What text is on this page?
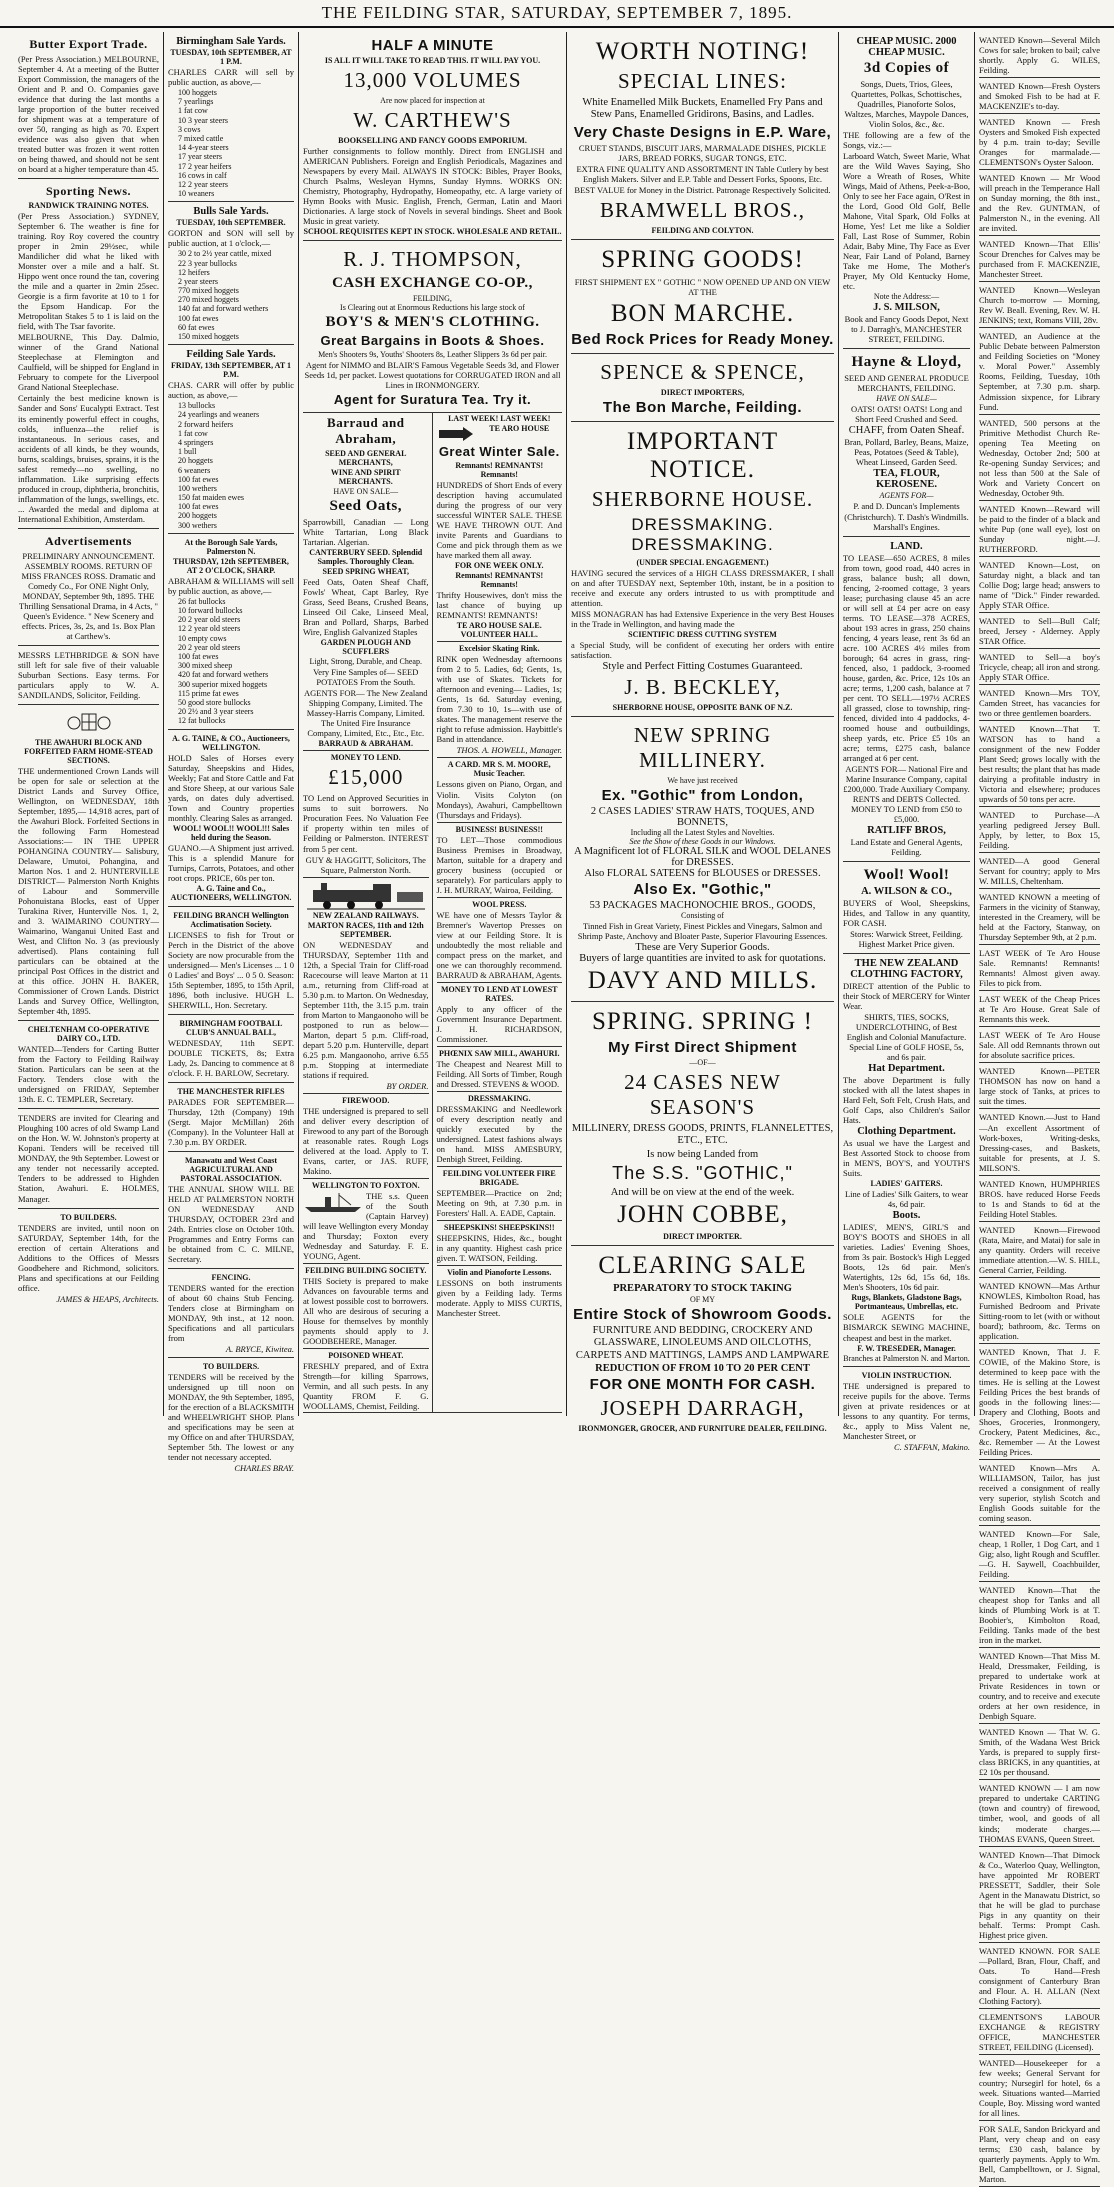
THE FEILDING STAR, SATURDAY, SEPTEMBER 7, 1895.
Butter Export Trade.
(Per Press Association.) MELBOURNE, September 4. At a meeting of the Butter Export Commission, the managers of the Orient and P. and O. Companies gave evidence that during the last months a large proportion of the butter received for shipment was at a temperature of over 50, ranging as high as 70. Expert evidence was also given that when treated butter was frozen it went rotten on being thawed, and should not be sent on board at a higher temperature than 45.
Sporting News.
RANDWICK TRAINING NOTES.
(Per Press Association.) SYDNEY, September 6. The weather is fine for training. Roy Roy covered the country proper in 2min 29½sec, while Mandilicher did what he liked with Monster over a mile and a half. St. Hippo went once round the tan, covering the mile and a quarter in 2min 25sec. Georgie is a firm favorite at 10 to 1 for the Epsom Handicap. For the Metropolitan Stakes 5 to 1 is laid on the field, with The Tsar favorite.
MELBOURNE, This Day. Dalmio, winner of the Grand National Steeplechase at Flemington and Caulfield, will be shipped for England in February to compete for the Liverpool Grand National Steeplechase.
Certainly the best medicine known is Sander and Sons' Eucalypti Extract. Test its eminently powerful effect in coughs, colds, influenza—the relief is instantaneous. In serious cases, and accidents of all kinds, be they wounds, burns, scaldings, bruises, sprains, it is the safest remedy—no swelling, no inflammation. Like surprising effects produced in croup, diphtheria, bronchitis, inflammation of the lungs, swellings, etc. ... Awarded the medal and diploma at International Exhibition, Amsterdam.
Advertisements
PRELIMINARY ANNOUNCEMENT. ASSEMBLY ROOMS. RETURN OF MISS FRANCES ROSS. Dramatic and Comedy Co., For ONE Night Only, MONDAY, September 9th, 1895. THE Thrilling Sensational Drama, in 4 Acts, " Queen's Evidence. " New Scenery and effects. Prices, 3s, 2s, and 1s. Box Plan at Carthew's.
MESSRS LETHBRIDGE & SON have still left for sale five of their valuable Suburban Sections. Easy terms. For particulars apply to W. A. SANDILANDS, Solicitor, Feilding.
THE AWAHURI BLOCK AND FORFEITED FARM HOME-STEAD SECTIONS.
THE undermentioned Crown Lands will be open for sale or selection at the District Lands and Survey Office, Wellington, on WEDNESDAY, 18th September, 1895,— 14,918 acres, part of the Awahuri Block. Forfeited Sections in the following Farm Homestead Associations:— IN THE UPPER POHANGINA COUNTRY— Salisbury, Delaware, Umutoi, Pohangina, and Marton Nos. 1 and 2. HUNTERVILLE DISTRICT— Palmerston North Knights of Labour and Sommerville Pohonuistana Blocks, east of Upper Turakina River, Hunterville Nos. 1, 2, and 3. WAIMARINO COUNTRY— Waimarino, Wanganui United East and West, and Clifton No. 3 (as previously advertised). Plans containing full particulars can be obtained at the principal Post Offices in the district and at this office. JOHN H. BAKER, Commissioner of Crown Lands. District Lands and Survey Office, Wellington, September 4th, 1895.
CHELTENHAM CO-OPERATIVE DAIRY CO., LTD.
WANTED—Tenders for Carting Butter from the Factory to Feilding Railway Station. Particulars can be seen at the Factory. Tenders close with the undersigned on FRIDAY, September 13th. E. C. TEMPLER, Secretary.
TENDERS are invited for Clearing and Ploughing 100 acres of old Swamp Land on the Hon. W. W. Johnston's property at Kopani. Tenders will be received till MONDAY, the 9th September. Lowest or any tender not necessarily accepted. Tenders to be addressed to Highden Station, Awahuri. E. HOLMES, Manager.
TO BUILDERS.
TENDERS are invited, until noon on SATURDAY, September 14th, for the erection of certain Alterations and Additions to the Offices of Messrs Goodbehere and Richmond, solicitors. Plans and specifications at our Feilding office.
JAMES & HEAPS, Architects.
Birmingham Sale Yards.
TUESDAY, 10th SEPTEMBER, AT 1 P.M.
CHARLES CARR will sell by public auction, as above,—
100 hoggets
7 yearlings
1 fat cow
10 3 year steers
3 cows
7 mixed cattle
14 4-year steers
17 year steers
17 2 year heifers
16 cows in calf
12 2 year steers
10 weaners
Bulls Sale Yards.
TUESDAY, 10th SEPTEMBER.
GORTON and SON will sell by public auction, at 1 o'clock,—
30 2 to 2½ year cattle, mixed
22 3 year bullocks
12 heifers
2 year steers
770 mixed hoggets
270 mixed hoggets
140 fat and forward wethers
100 fat ewes
60 fat ewes
150 mixed hoggets
Feilding Sale Yards.
FRIDAY, 13th SEPTEMBER, AT 1 P.M.
CHAS. CARR will offer by public auction, as above,—
13 bullocks
24 yearlings and weaners
2 forward heifers
1 fat cow
4 springers
1 bull
20 hoggets
6 weaners
100 fat ewes
100 wethers
150 fat maiden ewes
100 fat ewes
200 hoggets
300 wethers
At the Borough Sale Yards, Palmerston N.
THURSDAY, 12th SEPTEMBER, AT 2 O'CLOCK, SHARP.
ABRAHAM & WILLIAMS will sell by public auction, as above,—
26 fat bullocks
10 forward bullocks
20 2 year old steers
12 2 year old steers
10 empty cows
20 2 year old steers
100 fat ewes
300 mixed sheep
420 fat and forward wethers
300 superior mixed hoggets
115 prime fat ewes
50 good store bullocks
20 2½ and 3 year steers
12 fat bullocks
A. G. TAINE, & CO., Auctioneers, WELLINGTON.
HOLD Sales of Horses every Saturday, Sheepskins and Hides, Weekly; Fat and Store Cattle and Fat and Store Sheep, at our various Sale yards, on dates duly advertised. Town and Country properties monthly. Clearing Sales as arranged.
WOOL! WOOL!! WOOL!!! Sales held during the Season.
GUANO.—A Shipment just arrived. This is a splendid Manure for Turnips, Carrots, Potatoes, and other root crops. PRICE, 60s per ton.
A. G. Taine and Co., AUCTIONEERS, WELLINGTON.
FEILDING BRANCH Wellington Acclimatisation Society.
LICENSES to fish for Trout or Perch in the District of the above Society are now procurable from the undersigned— Men's Licenses ... 1 0 0 Ladies' and Boys' ... 0 5 0. Season: 15th September, 1895, to 15th April, 1896, both inclusive. HUGH L. SHERWILL, Hon. Secretary.
BIRMINGHAM FOOTBALL CLUB'S ANNUAL BALL,
WEDNESDAY, 11th SEPT. DOUBLE TICKETS, 8s; Extra Lady, 2s. Dancing to commence at 8 o'clock. F. H. BARLOW, Secretary.
THE MANCHESTER RIFLES
PARADES FOR SEPTEMBER— Thursday, 12th (Company) 19th (Sergt. Major McMillan) 26th (Company). In the Volunteer Hall at 7.30 p.m. BY ORDER.
Manawatu and West Coast AGRICULTURAL AND PASTORAL ASSOCIATION.
THE ANNUAL SHOW WILL BE HELD AT PALMERSTON NORTH ON WEDNESDAY AND THURSDAY, OCTOBER 23rd and 24th. Entries close on October 10th. Programmes and Entry Forms can be obtained from C. C. MILNE, Secretary.
FENCING.
TENDERS wanted for the erection of about 60 chains Stub Fencing. Tenders close at Birmingham on MONDAY, 9th inst., at 12 noon. Specifications and all particulars from
A. BRYCE, Kiwitea.
TO BUILDERS.
TENDERS will be received by the undersigned up till noon on MONDAY, the 9th September, 1895, for the erection of a BLACKSMITH and WHEELWRIGHT SHOP. Plans and specifications may be seen at my Office on and after THURSDAY, September 5th. The lowest or any tender not necessary accepted.
CHARLES BRAY.
HALF A MINUTE
IS ALL IT WILL TAKE TO READ THIS. IT WILL PAY YOU.
13,000 VOLUMES
Are now placed for inspection at
W. CARTHEW'S
BOOKSELLING AND FANCY GOODS EMPORIUM.
Further consignments to follow monthly. Direct from ENGLISH and AMERICAN Publishers. Foreign and English Periodicals, Magazines and Newspapers by every Mail. ALWAYS IN STOCK: Bibles, Prayer Books, Church Psalms, Wesleyan Hymns, Sunday Hymns. WORKS ON: Chemistry, Photography, Hydropathy, Homeopathy, etc. A large variety of Hymn Books with Music. English, French, German, Latin and Maori Dictionaries. A large stock of Novels in several bindings. Sheet and Book Music in great variety.
SCHOOL REQUISITES KEPT IN STOCK. WHOLESALE AND RETAIL.
R. J. THOMPSON,
CASH EXCHANGE CO-OP.,
FEILDING,
Is Clearing out at Enormous Reductions his large stock of
BOY'S & MEN'S CLOTHING.
Great Bargains in Boots & Shoes.
Men's Shooters 9s, Youths' Shooters 8s, Leather Slippers 3s 6d per pair.
Agent for NIMMO and BLAIR'S Famous Vegetable Seeds 3d, and Flower Seeds 1d, per packet. Lowest quotations for CORRUGATED IRON and all Lines in IRONMONGERY.
Agent for Suratura Tea. Try it.
Barraud and Abraham,
SEED AND GENERAL MERCHANTS,
WINE AND SPIRIT MERCHANTS.
HAVE ON SALE—
Seed Oats,
Sparrowbill, Canadian — Long White Tartarian, Long Black Tartarian. Algerian.
CANTERBURY SEED. Splendid Samples. Thoroughly Clean.
SEED SPRING WHEAT,
Feed Oats, Oaten Sheaf Chaff, Fowls' Wheat, Capt Barley, Rye Grass, Seed Beans, Crushed Beans, Linseed Oil Cake, Linseed Meal, Bran and Pollard, Sharps, Barbed Wire, English Galvanized Staples
GARDEN PLOUGH AND SCUFFLERS
Light, Strong, Durable, and Cheap.
Very Fine Samples of— SEED POTATOES From the South.
AGENTS FOR— The New Zealand Shipping Company, Limited. The Massey-Harris Company, Limited. The United Fire Insurance Company, Limited, Etc., Etc., Etc.
BARRAUD & ABRAHAM.
MONEY TO LEND.
£15,000
TO Lend on Approved Securities in sums to suit borrowers. No Procuration Fees. No Valuation Fee if property within ten miles of Feilding or Palmerston. INTEREST from 5 per cent.
GUY & HAGGITT, Solicitors, The Square, Palmerston North.
NEW ZEALAND RAILWAYS.
MARTON RACES, 11th and 12th SEPTEMBER.
ON WEDNESDAY and THURSDAY, September 11th and 12th, a Special Train for Cliff-road Racecourse will leave Marton at 11 a.m., returning from Cliff-road at 5.30 p.m. to Marton. On Wednesday, September 11th, the 3.15 p.m. train from Marton to Mangaonoho will be postponed to run as below— Marton, depart 5 p.m. Cliff-road, depart 5.20 p.m. Hunterville, depart 6.25 p.m. Mangaonoho, arrive 6.55 p.m. Stopping at intermediate stations if required.
BY ORDER.
FIREWOOD.
THE undersigned is prepared to sell and deliver every description of Firewood to any part of the Borough at reasonable rates. Rough Logs delivered at the load. Apply to T. Evans, carter, or JAS. RUFF, Makino.
WELLINGTON TO FOXTON.
THE s.s. Queen of the South (Captain Harvey) will leave Wellington every Monday and Thursday; Foxton every Wednesday and Saturday. F. E. YOUNG, Agent.
FEILDING BUILDING SOCIETY.
THIS Society is prepared to make Advances on favourable terms and at lowest possible cost to borrowers. All who are desirous of securing a House for themselves by monthly payments should apply to J. GOODBEHERE, Manager.
POISONED WHEAT.
FRESHLY prepared, and of Extra Strength—for killing Sparrows, Vermin, and all such pests. In any Quantity FROM F. G. WOOLLAMS, Chemist, Feilding.
LAST WEEK! LAST WEEK!
TE ARO HOUSE
Great Winter Sale.
Remnants! REMNANTS! Remnants!
HUNDREDS of Short Ends of every description having accumulated during the progress of our very successful WINTER SALE. THESE WE HAVE THROWN OUT. And invite Parents and Guardians to Come and pick through them as we have marked them all away.
FOR ONE WEEK ONLY.
Remnants! REMNANTS! Remnants!
Thrifty Housewives, don't miss the last chance of buying up REMNANTS! REMNANTS!
TE ARO HOUSE SALE. VOLUNTEER HALL.
Excelsior Skating Rink.
RINK open Wednesday afternoons from 2 to 5. Ladies, 6d; Gents, 1s, with use of Skates. Tickets for afternoon and evening— Ladies, 1s; Gents, 1s 6d. Saturday evening, from 7.30 to 10, 1s—with use of skates. The management reserve the right to refuse admission. Haybittle's Band in attendance.
THOS. A. HOWELL, Manager.
A CARD. MR S. M. MOORE, Music Teacher.
Lessons given on Piano, Organ, and Violin. Visits Colyton (on Mondays), Awahuri, Campbelltown (Thursdays and Fridays).
BUSINESS! BUSINESS!!
TO LET—Those commodious Business Premises in Broadway, Marton, suitable for a drapery and grocery business (occupied or separately). For particulars apply to J. H. MURRAY, Wairoa, Feilding.
WOOL PRESS.
WE have one of Messrs Taylor & Bremner's Wavertop Presses on view at our Feilding Store. It is undoubtedly the most reliable and compact press on the market, and one we can thoroughly recommend. BARRAUD & ABRAHAM, Agents.
MONEY TO LEND AT LOWEST RATES.
Apply to any officer of the Government Insurance Department. J. H. RICHARDSON, Commissioner.
PHŒNIX SAW MILL, AWAHURI.
The Cheapest and Nearest Mill to Feilding. All Sorts of Timber, Rough and Dressed. STEVENS & WOOD.
DRESSMAKING.
DRESSMAKING and Needlework of every description neatly and quickly executed by the undersigned. Latest fashions always on hand. MISS AMESBURY, Denbigh Street, Feilding.
FEILDING VOLUNTEER FIRE BRIGADE.
SEPTEMBER—Practice on 2nd; Meeting on 9th, at 7.30 p.m. in Foresters' Hall. A. EADE, Captain.
SHEEPSKINS! SHEEPSKINS!!
SHEEPSKINS, Hides, &c., bought in any quantity. Highest cash price given. T. WATSON, Feilding.
Violin and Pianoforte Lessons.
LESSONS on both instruments given by a Feilding lady. Terms moderate. Apply to MISS CURTIS, Manchester Street.
WORTH NOTING!
SPECIAL LINES:
White Enamelled Milk Buckets, Enamelled Fry Pans and Stew Pans, Enamelled Gridirons, Basins, and Ladles.
Very Chaste Designs in E.P. Ware,
CRUET STANDS, BISCUIT JARS, MARMALADE DISHES, PICKLE JARS, BREAD FORKS, SUGAR TONGS, ETC.
EXTRA FINE QUALITY AND ASSORTMENT IN Table Cutlery by best English Makers. Silver and E.P. Table and Dessert Forks, Spoons, Etc.
BEST VALUE for Money in the District. Patronage Respectively Solicited.
BRAMWELL BROS.,
FEILDING AND COLYTON.
SPRING GOODS!
FIRST SHIPMENT EX " GOTHIC " NOW OPENED UP AND ON VIEW AT THE
BON MARCHE.
Bed Rock Prices for Ready Money.
SPENCE & SPENCE,
DIRECT IMPORTERS,
The Bon Marche, Feilding.
IMPORTANT NOTICE.
SHERBORNE HOUSE.
DRESSMAKING. DRESSMAKING.
(UNDER SPECIAL ENGAGEMENT.)
HAVING secured the services of a HIGH CLASS DRESSMAKER, I shall on and after TUESDAY next, September 10th, instant, be in a position to receive and execute any orders intrusted to us with promptitude and attention.
MISS MONAGRAN has had Extensive Experience in the very Best Houses in the Trade in Wellington, and having made the
SCIENTIFIC DRESS CUTTING SYSTEM
a Special Study, will be confident of executing her orders with entire satisfaction.
Style and Perfect Fitting Costumes Guaranteed.
J. B. BECKLEY,
SHERBORNE HOUSE, OPPOSITE BANK OF N.Z.
NEW SPRING MILLINERY.
We have just received
Ex. "Gothic" from London,
2 CASES LADIES' STRAW HATS, TOQUES, AND BONNETS,
Including all the Latest Styles and Novelties.
See the Show of these Goods in our Windows.
A Magnificent lot of FLORAL SILK and WOOL DELANES for DRESSES.
Also FLORAL SATEENS for BLOUSES or DRESSES.
Also Ex. "Gothic,"
53 PACKAGES MACHONOCHIE BROS., GOODS,
Consisting of
Tinned Fish in Great Variety, Finest Pickles and Vinegars, Salmon and Shrimp Paste, Anchovy and Bloater Paste, Superior Flavouring Essences.
These are Very Superior Goods.
Buyers of large quantities are invited to ask for quotations.
DAVY AND MILLS.
SPRING. SPRING !
My First Direct Shipment
—OF—
24 CASES NEW SEASON'S
MILLINERY, DRESS GOODS, PRINTS, FLANNELETTES, ETC., ETC.
Is now being Landed from
The S.S. "GOTHIC,"
And will be on view at the end of the week.
JOHN COBBE,
DIRECT IMPORTER.
CLEARING SALE
PREPARATORY TO STOCK TAKING
OF MY
Entire Stock of Showroom Goods.
FURNITURE AND BEDDING, CROCKERY AND GLASSWARE, LINOLEUMS AND OILCLOTHS, CARPETS AND MATTINGS, LAMPS AND LAMPWARE
REDUCTION OF FROM 10 TO 20 PER CENT
FOR ONE MONTH FOR CASH.
JOSEPH DARRAGH,
IRONMONGER, GROCER, AND FURNITURE DEALER, FEILDING.
CHEAP MUSIC. 2000 CHEAP MUSIC.
3d Copies of
Songs, Duets, Trios, Glees, Quartettes, Polkas, Schottisches, Quadrilles, Pianoforte Solos, Waltzes, Marches, Maypole Dances, Violin Solos, &c., &c.
THE following are a few of the Songs, viz.:—
Larboard Watch, Sweet Marie, What are the Wild Waves Saying, Sho Wore a Wreath of Roses, White Wings, Maid of Athens, Peek-a-Boo, Only to see her Face again, O'Rest in the Lord, Good Old Golf, Belle Mahone, Vital Spark, Old Folks at Home, Yes! Let me like a Soldier Fall, Last Rose of Summer, Robin Adair, Baby Mine, Thy Face as Ever Near, Fair Land of Poland, Barney Take me Home, The Mother's Prayer, My Old Kentucky Home, etc.
Note the Address:—
J. S. MILSON,
Book and Fancy Goods Depot, Next to J. Darragh's, MANCHESTER STREET, FEILDING.
Hayne & Lloyd,
SEED AND GENERAL PRODUCE MERCHANTS, FEILDING.
HAVE ON SALE—
OATS! OATS! OATS! Long and Short Feed Crushed and Seed.
CHAFF, from Oaten Sheaf.
Bran, Pollard, Barley, Beans, Maize, Peas, Potatoes (Seed & Table), Wheat Linseed, Garden Seed.
TEA, FLOUR, KEROSENE.
AGENTS FOR—
P. and D. Duncan's Implements (Christchurch). T. Dash's Windmills. Marshall's Engines.
LAND.
TO LEASE—650 ACRES, 8 miles from town, good road, 440 acres in grass, balance bush; all down, fencing, 2-roomed cottage, 3 years lease; purchasing clause 45 an acre or will sell at £4 per acre on easy terms. TO LEASE—378 ACRES, about 193 acres in grass, 250 chains fencing, 4 years lease, rent 3s 6d an acre. 100 ACRES 4½ miles from borough; 64 acres in grass, ring-fenced, also, 1 paddock, 3-roomed house, garden, &c. Price, 12s 10s an acre; terms, 1,200 cash, balance at 7 per cent. TO SELL—197½ ACRES all grassed, close to township, ring-fenced, divided into 4 paddocks, 4-roomed house and outbuildings, sheep yards, etc. Price £5 10s an acre; terms, £275 cash, balance arranged at 6 per cent.
AGENTS FOR— National Fire and Marine Insurance Company, capital £200,000. Trade Auxiliary Company. RENTS and DEBTS Collected. MONEY TO LEND from £50 to £5,000.
RATLIFF BROS,
Land Estate and General Agents, Feilding.
Wool! Wool!
A. WILSON & CO.,
BUYERS of Wool, Sheepskins, Hides, and Tallow in any quantity, FOR CASH.
Stores: Warwick Street, Feilding. Highest Market Price given.
THE NEW ZEALAND CLOTHING FACTORY,
DIRECT attention of the Public to their Stock of MERCERY for Winter Wear.
SHIRTS, TIES, SOCKS, UNDERCLOTHING, of Best English and Colonial Manufacture. Special Line of GOLF HOSE, 5s, and 6s pair.
Hat Department.
The above Department is fully stocked with all the latest shapes in Hard Felt, Soft Felt, Crush Hats, and Golf Caps, also Children's Sailor Hats.
Clothing Department.
As usual we have the Largest and Best Assorted Stock to choose from in MEN'S, BOY'S, and YOUTH'S Suits.
LADIES' GAITERS.
Line of Ladies' Silk Gaiters, to wear 4s, 6d pair.
Boots.
LADIES', MEN'S, GIRL'S and BOY'S BOOTS and SHOES in all varieties. Ladies' Evening Shoes, from 3s pair. Bostock's High Legged Boots, 12s 6d pair. Men's Watertights, 12s 6d, 15s 6d, 18s. Men's Shooters, 10s 6d pair.
Rugs, Blankets, Gladstone Bags, Portmanteaus, Umbrellas, etc.
SOLE AGENTS for the BISMARCK SEWING MACHINE, cheapest and best in the market.
F. W. TRESEDER, Manager.
Branches at Palmerston N. and Marton.
VIOLIN INSTRUCTION.
THE undersigned is prepared to receive pupils for the above. Terms given at private residences or at lessons to any quantity. For terms, &c., apply to Miss Valent ne, Manchester Street, or
C. STAFFAN, Makino.
WANTED Known—Several Milch Cows for sale; broken to bail; calve shortly. Apply G. WILES, Feilding.
WANTED Known—Fresh Oysters and Smoked Fish to be had at F. MACKENZIE's to-day.
WANTED Known — Fresh Oysters and Smoked Fish expected by 4 p.m. train to-day; Seville Oranges for marmalade.—CLEMENTSON's Oyster Saloon.
WANTED Known — Mr Wood will preach in the Temperance Hall on Sunday morning, the 8th inst., and the Rev. GUNTMAN, of Palmerston N., in the evening. All are invited.
WANTED Known—That Ellis' Scour Drenches for Calves may be purchased from F. MACKENZIE, Manchester Street.
WANTED Known—Wesleyan Church to-morrow — Morning, Rev W. Beall. Evening, Rev. W. H. JENKINS; text, Romans VIII, 28v.
WANTED, an Audience at the Public Debate between Palmerston and Feilding Societies on "Money v. Moral Power." Assembly Rooms, Feilding, Tuesday, 10th September, at 7.30 p.m. sharp. Admission sixpence, for Library Fund.
WANTED, 500 persons at the Primitive Methodist Church Re-opening Tea Meeting on Wednesday, October 2nd; 500 at Re-opening Sunday Services; and not less than 500 at the Sale of Work and Variety Concert on Wednesday, October 9th.
WANTED Known—Reward will be paid to the finder of a black and white Pup (one wall eye), lost on Sunday night.—J. RUTHERFORD.
WANTED Known—Lost, on Saturday night, a black and tan Collie Dog; large head; answers to name of "Dick." Finder rewarded. Apply STAR Office.
WANTED to Sell—Bull Calf; breed, Jersey - Alderney. Apply STAR Office.
WANTED to Sell—a boy's Tricycle, cheap; all iron and strong. Apply STAR Office.
WANTED Known—Mrs TOY, Camden Street, has vacancies for two or three gentlemen boarders.
WANTED Known—That T. WATSON has to hand a consignment of the new Fodder Plant Seed; grows locally with the best results; the plant that has made dairying a profitable industry in Victoria and elsewhere; produces upwards of 50 tons per acre.
WANTED to Purchase—A yearling pedigreed Jersey Bull. Apply, by letter, to Box 15, Feilding.
WANTED—A good General Servant for country; apply to Mrs W. MILLS, Cheltenham.
WANTED KNOWN a meeting of Farmers in the vicinity of Stanway, interested in the Creamery, will be held at the Factory, Stanway, on Thursday September 9th, at 2 p.m.
LAST WEEK of Te Aro House Sale. Remnants! Remnants! Remnants! Almost given away. Files to pick from.
LAST WEEK of the Cheap Prices at Te Aro House. Great Sale of Remnants this week.
LAST WEEK of Te Aro House Sale. All odd Remnants thrown out for absolute sacrifice prices.
WANTED Known—PETER THOMSON has now on hand a large stock of Tanks, at prices to suit the times.
WANTED Known.—Just to Hand—An excellent Assortment of Work-boxes, Writing-desks, Dressing-cases, and Baskets, suitable for presents, at J. S. MILSON'S.
WANTED Known, HUMPHRIES BROS. have reduced Horse Feeds to 1s and Stands to 6d at the Feilding Hotel Stables.
WANTED Known—Firewood (Rata, Maire, and Matai) for sale in any quantity. Orders will receive immediate attention.—W. S. HILL, General Carrier, Feilding.
WANTED KNOWN—Mas Arthur KNOWLES, Kimbolton Road, has Furnished Bedroom and Private Sitting-room to let (with or without board); bathroom, &c. Terms on application.
WANTED Known, That J. F. COWIE, of the Makino Store, is determined to keep pace with the times. He is selling at the Lowest Feilding Prices the best brands of goods in the following lines:—Drapery and Clothing, Boots and Shoes, Groceries, Ironmongery, Crockery, Patent Medicines, &c., &c. Remember — At the Lowest Feilding Prices.
WANTED Known—Mrs A. WILLIAMSON, Tailor, has just received a consignment of really very superior, stylish Scotch and English Goods suitable for the coming season.
WANTED Known—For Sale, cheap, 1 Roller, 1 Dog Cart, and 1 Gig; also, light Rough and Scuffler.—G. H. Saywell, Coachbuilder, Feilding.
WANTED Known—That the cheapest shop for Tanks and all kinds of Plumbing Work is at T. Boobier's, Kimbolton Road, Feilding. Tanks made of the best iron in the market.
WANTED Known—That Miss M. Heald, Dressmaker, Feilding, is prepared to undertake work at Private Residences in town or country, and to receive and execute orders at her own residence, in Denbigh Square.
WANTED Known — That W. G. Smith, of the Wadana West Brick Yards, is prepared to supply first-class BRICKS, in any quantities, at £2 10s per thousand.
WANTED KNOWN — I am now prepared to undertake CARTING (town and country) of firewood, timber, wool, and goods of all kinds; moderate charges.—THOMAS EVANS, Queen Street.
WANTED Known—That Dimock & Co., Waterloo Quay, Wellington, have appointed Mr ROBERT PRESSETT, Saddler, their Sole Agent in the Manawatu District, so that he will be glad to purchase Pigs in any quantity on their behalf. Terms: Prompt Cash. Highest price given.
WANTED KNOWN. FOR SALE—Pollard, Bran, Flour, Chaff, and Oats. To Hand—Fresh consignment of Canterbury Bran and Flour. A. H. ALLAN (Next Clothing Factory).
CLEMENTSON'S LABOUR EXCHANGE & REGISTRY OFFICE, MANCHESTER STREET, FEILDING (Licensed).
WANTED—Housekeeper for a few weeks; General Servant for country; Nursegirl for hotel, 6s a week. Situations wanted—Married Couple, Boy. Missing word wanted for all lines.
FOR SALE, Sandon Brickyard and Plant, very cheap and on easy terms; £30 cash, balance by quarterly payments. Apply to Wm. Bell, Campbelltown, or J. Signal, Marton.
